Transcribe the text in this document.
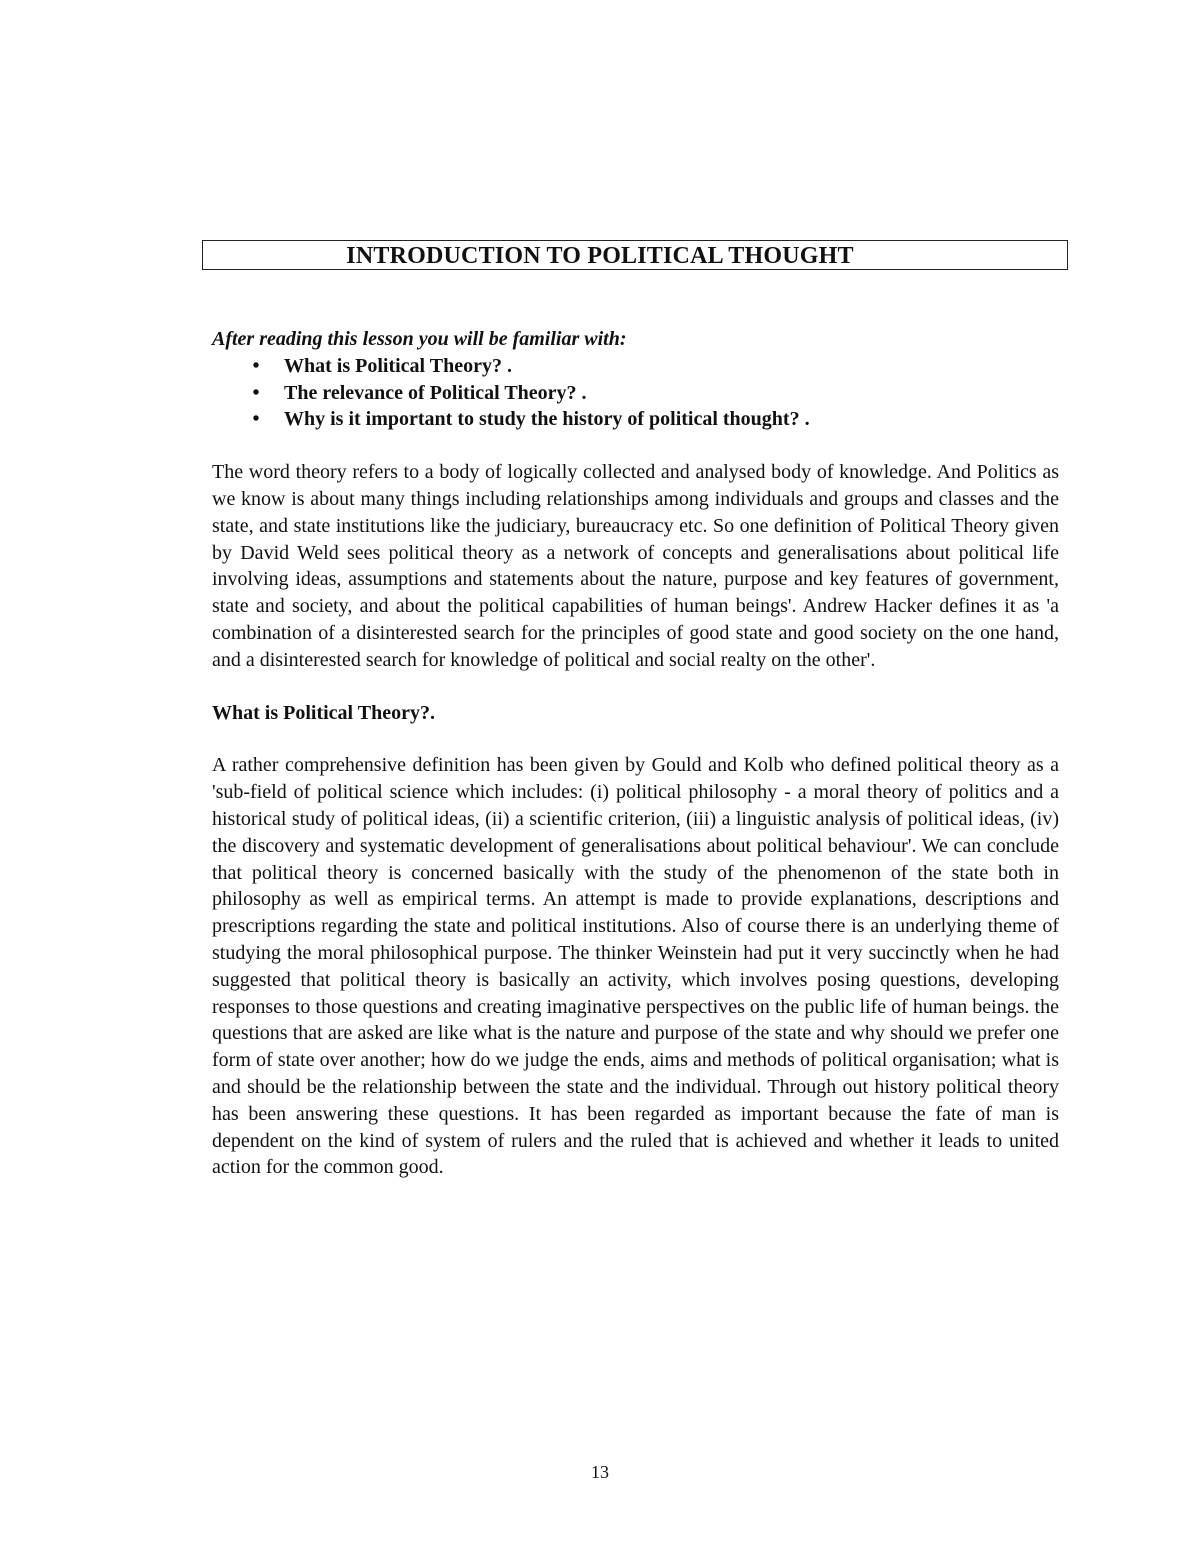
INTRODUCTION TO POLITICAL THOUGHT

After reading this lesson you will be familiar with:

• What is Political Theory? .
• The relevance of Political Theory? .
• Why is it important to study the history of political thought? .

The word theory refers to a body of logically collected and analysed body of knowledge. And Politics as we know is about many things including relationships among individuals and groups and classes and the state, and state institutions like the judiciary, bureaucracy etc. So one definition of Political Theory given by David Weld sees political theory as a network of concepts and generalisations about political life involving ideas, assumptions and statements about the nature, purpose and key features of government, state and society, and about the political capabilities of human beings'. Andrew Hacker defines it as 'a combination of a disinterested search for the principles of good state and good society on the one hand, and a disinterested search for knowledge of political and social realty on the other'.

What is Political Theory?.

A rather comprehensive definition has been given by Gould and Kolb who defined political theory as a 'sub-field of political science which includes: (i) political philosophy - a moral theory of politics and a historical study of political ideas, (ii) a scientific criterion, (iii) a linguistic analysis of political ideas, (iv) the discovery and systematic development of generalisations about political behaviour'. We can conclude that political theory is concerned basically with the study of the phenomenon of the state both in philosophy as well as empirical terms. An attempt is made to provide explanations, descriptions and prescriptions regarding the state and political institutions. Also of course there is an underlying theme of studying the moral philosophical purpose. The thinker Weinstein had put it very succinctly when he had suggested that political theory is basically an activity, which involves posing questions, developing responses to those questions and creating imaginative perspectives on the public life of human beings. the questions that are asked are like what is the nature and purpose of the state and why should we prefer one form of state over another; how do we judge the ends, aims and methods of political organisation; what is and should be the relationship between the state and the individual. Through out history political theory has been answering these questions. It has been regarded as important because the fate of man is dependent on the kind of system of rulers and the ruled that is achieved and whether it leads to united action for the common good.

13
